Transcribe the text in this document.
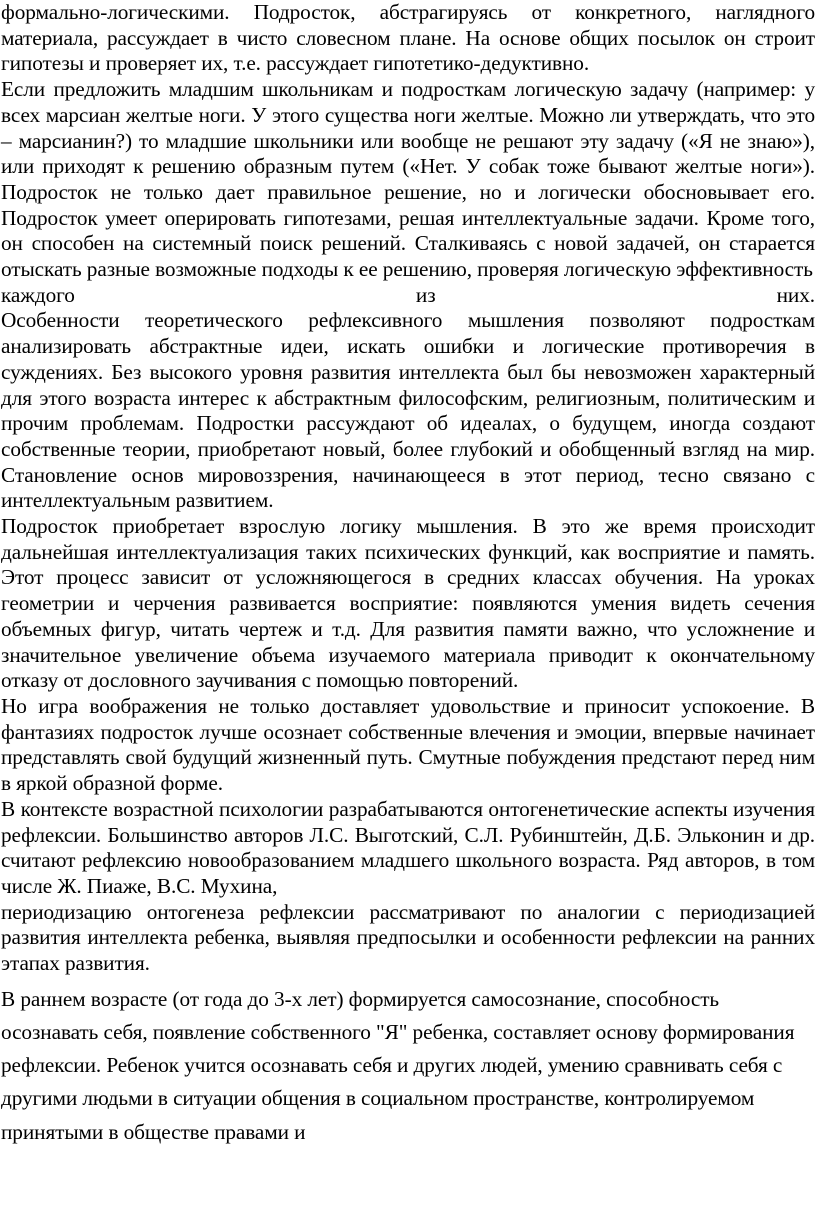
формально-логическими. Подросток, абстрагируясь от конкретного, наглядного материала, рассуждает в чисто словесном плане. На основе общих посылок он строит гипотезы и проверяет их, т.е. рассуждает гипотетико-дедуктивно.

Если предложить младшим школьникам и подросткам логическую задачу (например: у всех марсиан желтые ноги. У этого существа ноги желтые. Можно ли утверждать, что это – марсианин?) то младшие школьники или вообще не решают эту задачу («Я не знаю»), или приходят к решению образным путем («Нет. У собак тоже бывают желтые ноги»). Подросток не только дает правильное решение, но и логически обосновывает его. Подросток умеет оперировать гипотезами, решая интеллектуальные задачи. Кроме того, он способен на системный поиск решений. Сталкиваясь с новой задачей, он старается отыскать разные возможные подходы к ее решению, проверяя логическую эффективность

каждого из них.

Особенности теоретического рефлексивного мышления позволяют подросткам анализировать абстрактные идеи, искать ошибки и логические противоречия в суждениях. Без высокого уровня развития интеллекта был бы невозможен характерный для этого возраста интерес к абстрактным философским, религиозным, политическим и прочим проблемам. Подростки рассуждают об идеалах, о будущем, иногда создают собственные теории, приобретают новый, более глубокий и обобщенный взгляд на мир. Становление основ мировоззрения, начинающееся в этот период, тесно связано с интеллектуальным развитием.

Подросток приобретает взрослую логику мышления. В это же время происходит дальнейшая интеллектуализация таких психических функций, как восприятие и память. Этот процесс зависит от усложняющегося в средних классах обучения. На уроках геометрии и черчения развивается восприятие: появляются умения видеть сечения объемных фигур, читать чертеж и т.д. Для развития памяти важно, что усложнение и значительное увеличение объема изучаемого материала приводит к окончательному отказу от дословного заучивания с помощью повторений.

Но игра воображения не только доставляет удовольствие и приносит успокоение. В фантазиях подросток лучше осознает собственные влечения и эмоции, впервые начинает представлять свой будущий жизненный путь. Смутные побуждения предстают перед ним в яркой образной форме.

В контексте возрастной психологии разрабатываются онтогенетические аспекты изучения рефлексии. Большинство авторов Л.С. Выготский, С.Л. Рубинштейн, Д.Б. Эльконин и др. считают рефлексию новообразованием младшего школьного возраста. Ряд авторов, в том числе Ж. Пиаже, В.С. Мухина,

периодизацию онтогенеза рефлексии рассматривают по аналогии с периодизацией развития интеллекта ребенка, выявляя предпосылки и особенности рефлексии на ранних этапах развития.

В раннем возрасте (от года до 3-х лет) формируется самосознание, способность осознавать себя, появление собственного "Я" ребенка, составляет основу формирования рефлексии. Ребенок учится осознавать себя и других людей, умению сравнивать себя с другими людьми в ситуации общения в социальном пространстве, контролируемом принятыми в обществе правами и
